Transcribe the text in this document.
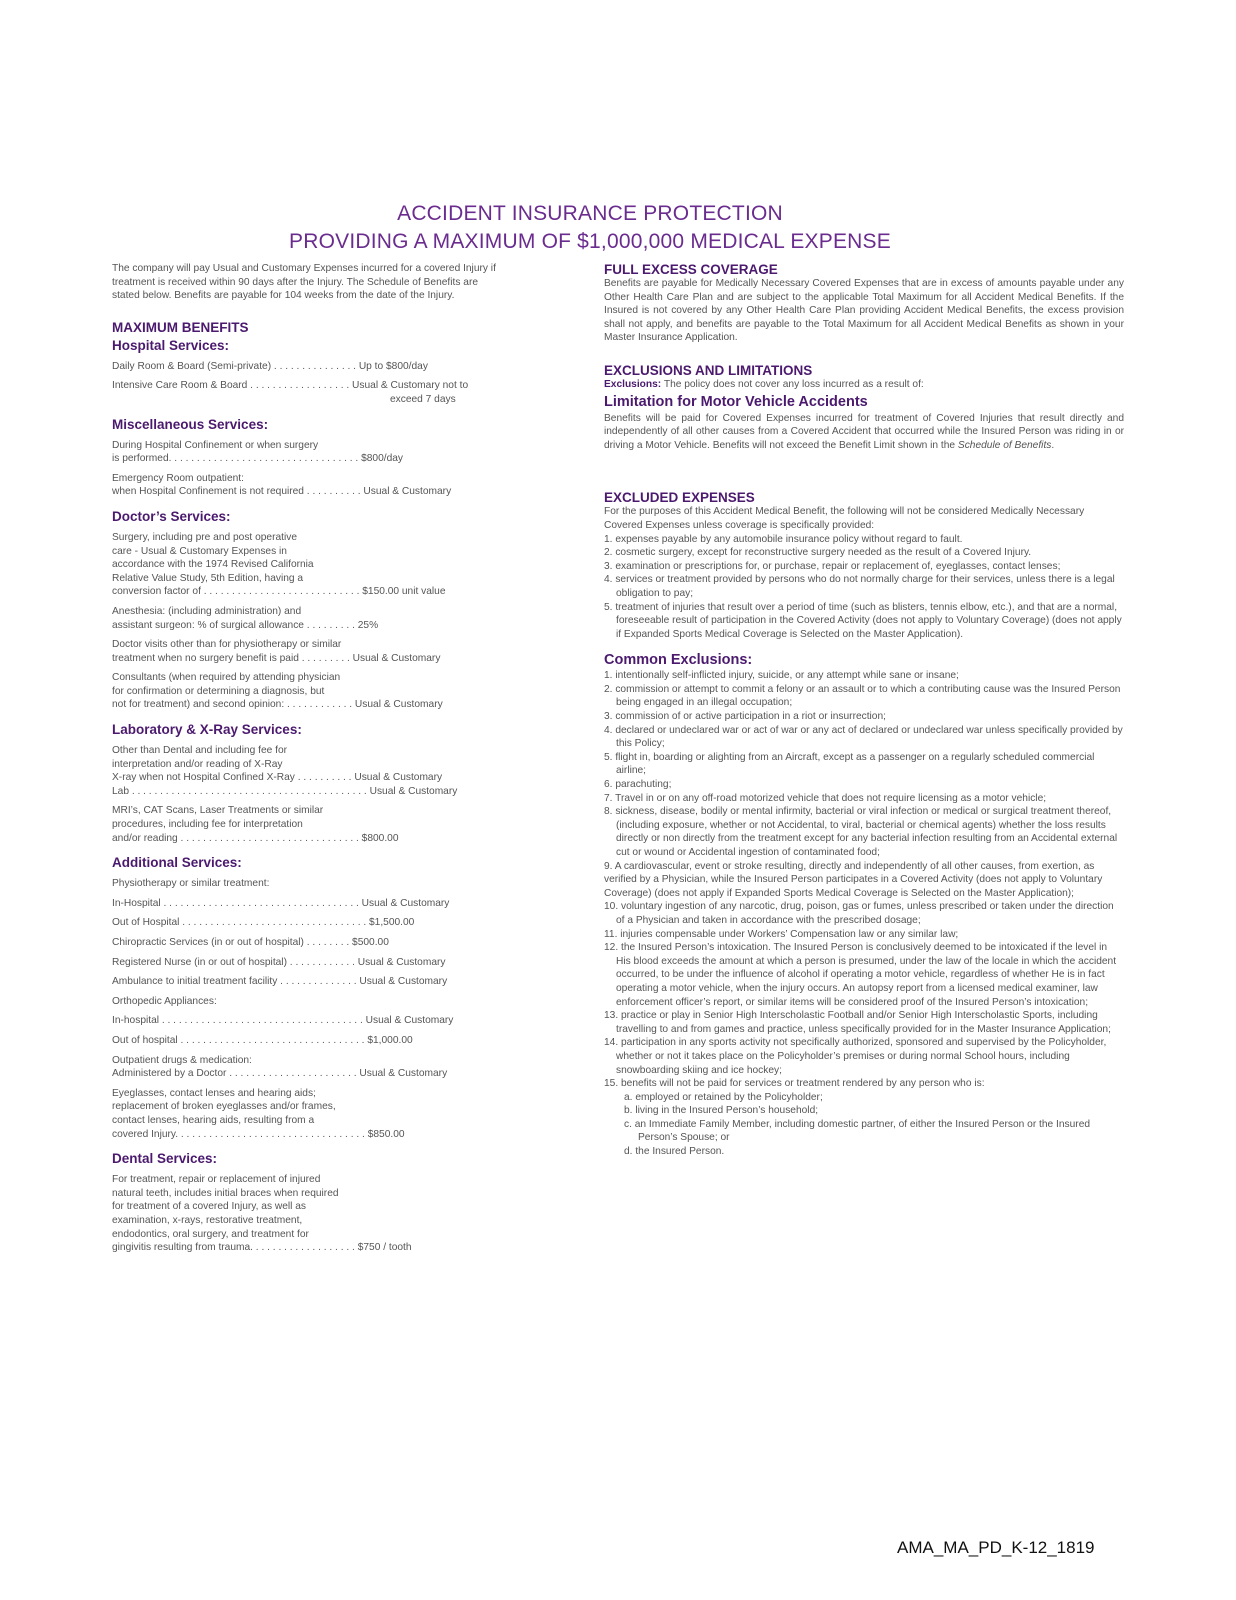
ACCIDENT INSURANCE PROTECTION
PROVIDING A MAXIMUM OF $1,000,000 MEDICAL EXPENSE
The company will pay Usual and Customary Expenses incurred for a covered Injury if treatment is received within 90 days after the Injury. The Schedule of Benefits are stated below. Benefits are payable for 104 weeks from the date of the Injury.
MAXIMUM BENEFITS
Hospital Services:
Daily Room & Board (Semi-private) . . . . . . . . . . . . . . . Up to $800/day
Intensive Care Room & Board . . . . . . . . . . . . . . . . . . Usual & Customary not to
exceed 7 days
Miscellaneous Services:
During Hospital Confinement or when surgery
is performed. . . . . . . . . . . . . . . . . . . . . . . . . . . . . . . . . . $800/day
Emergency Room outpatient:
when Hospital Confinement is not required . . . . . . . . . . Usual & Customary
Doctor’s Services:
Surgery, including pre and post operative
care - Usual & Customary Expenses in
accordance with the 1974 Revised California
Relative Value Study, 5th Edition, having a
conversion factor of . . . . . . . . . . . . . . . . . . . . . . . . . . . . $150.00 unit value
Anesthesia: (including administration) and
assistant surgeon: % of surgical allowance . . . . . . . . . 25%
Doctor visits other than for physiotherapy or similar
treatment when no surgery benefit is paid . . . . . . . . . Usual & Customary
Consultants (when required by attending physician
for confirmation or determining a diagnosis, but
not for treatment) and second opinion: . . . . . . . . . . . . Usual & Customary
Laboratory & X-Ray Services:
Other than Dental and including fee for
interpretation and/or reading of X-Ray
X-ray when not Hospital Confined X-Ray . . . . . . . . . . Usual & Customary
Lab . . . . . . . . . . . . . . . . . . . . . . . . . . . . . . . . . . . . . . . . . . Usual & Customary
MRI’s, CAT Scans, Laser Treatments or similar
procedures, including fee for interpretation
and/or reading . . . . . . . . . . . . . . . . . . . . . . . . . . . . . . . . $800.00
Additional Services:
Physiotherapy or similar treatment:
In-Hospital . . . . . . . . . . . . . . . . . . . . . . . . . . . . . . . . . . . Usual & Customary
Out of Hospital . . . . . . . . . . . . . . . . . . . . . . . . . . . . . . . . . $1,500.00
Chiropractic Services (in or out of hospital) . . . . . . . . $500.00
Registered Nurse (in or out of hospital) . . . . . . . . . . . . Usual & Customary
Ambulance to initial treatment facility . . . . . . . . . . . . . . Usual & Customary
Orthopedic Appliances:
In-hospital . . . . . . . . . . . . . . . . . . . . . . . . . . . . . . . . . . . . Usual & Customary
Out of hospital . . . . . . . . . . . . . . . . . . . . . . . . . . . . . . . . . $1,000.00
Outpatient drugs & medication:
Administered by a Doctor . . . . . . . . . . . . . . . . . . . . . . . Usual & Customary
Eyeglasses, contact lenses and hearing aids;
replacement of broken eyeglasses and/or frames,
contact lenses, hearing aids, resulting from a
covered Injury. . . . . . . . . . . . . . . . . . . . . . . . . . . . . . . . . . $850.00
Dental Services:
For treatment, repair or replacement of injured
natural teeth, includes initial braces when required
for treatment of a covered Injury, as well as
examination, x-rays, restorative treatment,
endodontics, oral surgery, and treatment for
gingivitis resulting from trauma. . . . . . . . . . . . . . . . . . . $750 / tooth
FULL EXCESS COVERAGE
Benefits are payable for Medically Necessary Covered Expenses that are in excess of amounts payable under any Other Health Care Plan and are subject to the applicable Total Maximum for all Accident Medical Benefits. If the Insured is not covered by any Other Health Care Plan providing Accident Medical Benefits, the excess provision shall not apply, and benefits are payable to the Total Maximum for all Accident Medical Benefits as shown in your Master Insurance Application.
EXCLUSIONS AND LIMITATIONS
Exclusions: The policy does not cover any loss incurred as a result of:
Limitation for Motor Vehicle Accidents
Benefits will be paid for Covered Expenses incurred for treatment of Covered Injuries that result directly and independently of all other causes from a Covered Accident that occurred while the Insured Person was riding in or driving a Motor Vehicle. Benefits will not exceed the Benefit Limit shown in the Schedule of Benefits.
EXCLUDED EXPENSES
For the purposes of this Accident Medical Benefit, the following will not be considered Medically Necessary Covered Expenses unless coverage is specifically provided:
1. expenses payable by any automobile insurance policy without regard to fault.
2. cosmetic surgery, except for reconstructive surgery needed as the result of a Covered Injury.
3. examination or prescriptions for, or purchase, repair or replacement of, eyeglasses, contact lenses;
4. services or treatment provided by persons who do not normally charge for their services, unless there is a legal obligation to pay;
5. treatment of injuries that result over a period of time (such as blisters, tennis elbow, etc.), and that are a normal, foreseeable result of participation in the Covered Activity (does not apply to Voluntary Coverage) (does not apply if Expanded Sports Medical Coverage is Selected on the Master Application).
Common Exclusions:
1. intentionally self-inflicted injury, suicide, or any attempt while sane or insane;
2. commission or attempt to commit a felony or an assault or to which a contributing cause was the Insured Person being engaged in an illegal occupation;
3. commission of or active participation in a riot or insurrection;
4. declared or undeclared war or act of war or any act of declared or undeclared war unless specifically provided by this Policy;
5. flight in, boarding or alighting from an Aircraft, except as a passenger on a regularly scheduled commercial airline;
6. parachuting;
7. Travel in or on any off-road motorized vehicle that does not require licensing as a motor vehicle;
8. sickness, disease, bodily or mental infirmity, bacterial or viral infection or medical or surgical treatment thereof, (including exposure, whether or not Accidental, to viral, bacterial or chemical agents) whether the loss results directly or non directly from the treatment except for any bacterial infection resulting from an Accidental external cut or wound or Accidental ingestion of contaminated food;
9. A cardiovascular, event or stroke resulting, directly and independently of all other causes, from exertion, as verified by a Physician, while the Insured Person participates in a Covered Activity (does not apply to Voluntary Coverage) (does not apply if Expanded Sports Medical Coverage is Selected on the Master Application);
10. voluntary ingestion of any narcotic, drug, poison, gas or fumes, unless prescribed or taken under the direction of a Physician and taken in accordance with the prescribed dosage;
11. injuries compensable under Workers’ Compensation law or any similar law;
12. the Insured Person’s intoxication. The Insured Person is conclusively deemed to be intoxicated if the level in His blood exceeds the amount at which a person is presumed, under the law of the locale in which the accident occurred, to be under the influence of alcohol if operating a motor vehicle, regardless of whether He is in fact operating a motor vehicle, when the injury occurs. An autopsy report from a licensed medical examiner, law enforcement officer’s report, or similar items will be considered proof of the Insured Person’s intoxication;
13. practice or play in Senior High Interscholastic Football and/or Senior High Interscholastic Sports, including travelling to and from games and practice, unless specifically provided for in the Master Insurance Application;
14. participation in any sports activity not specifically authorized, sponsored and supervised by the Policyholder, whether or not it takes place on the Policyholder’s premises or during normal School hours, including snowboarding skiing and ice hockey;
15. benefits will not be paid for services or treatment rendered by any person who is:
a. employed or retained by the Policyholder;
b. living in the Insured Person’s household;
c. an Immediate Family Member, including domestic partner, of either the Insured Person or the Insured Person’s Spouse; or
d. the Insured Person.
AMA_MA_PD_K-12_1819
